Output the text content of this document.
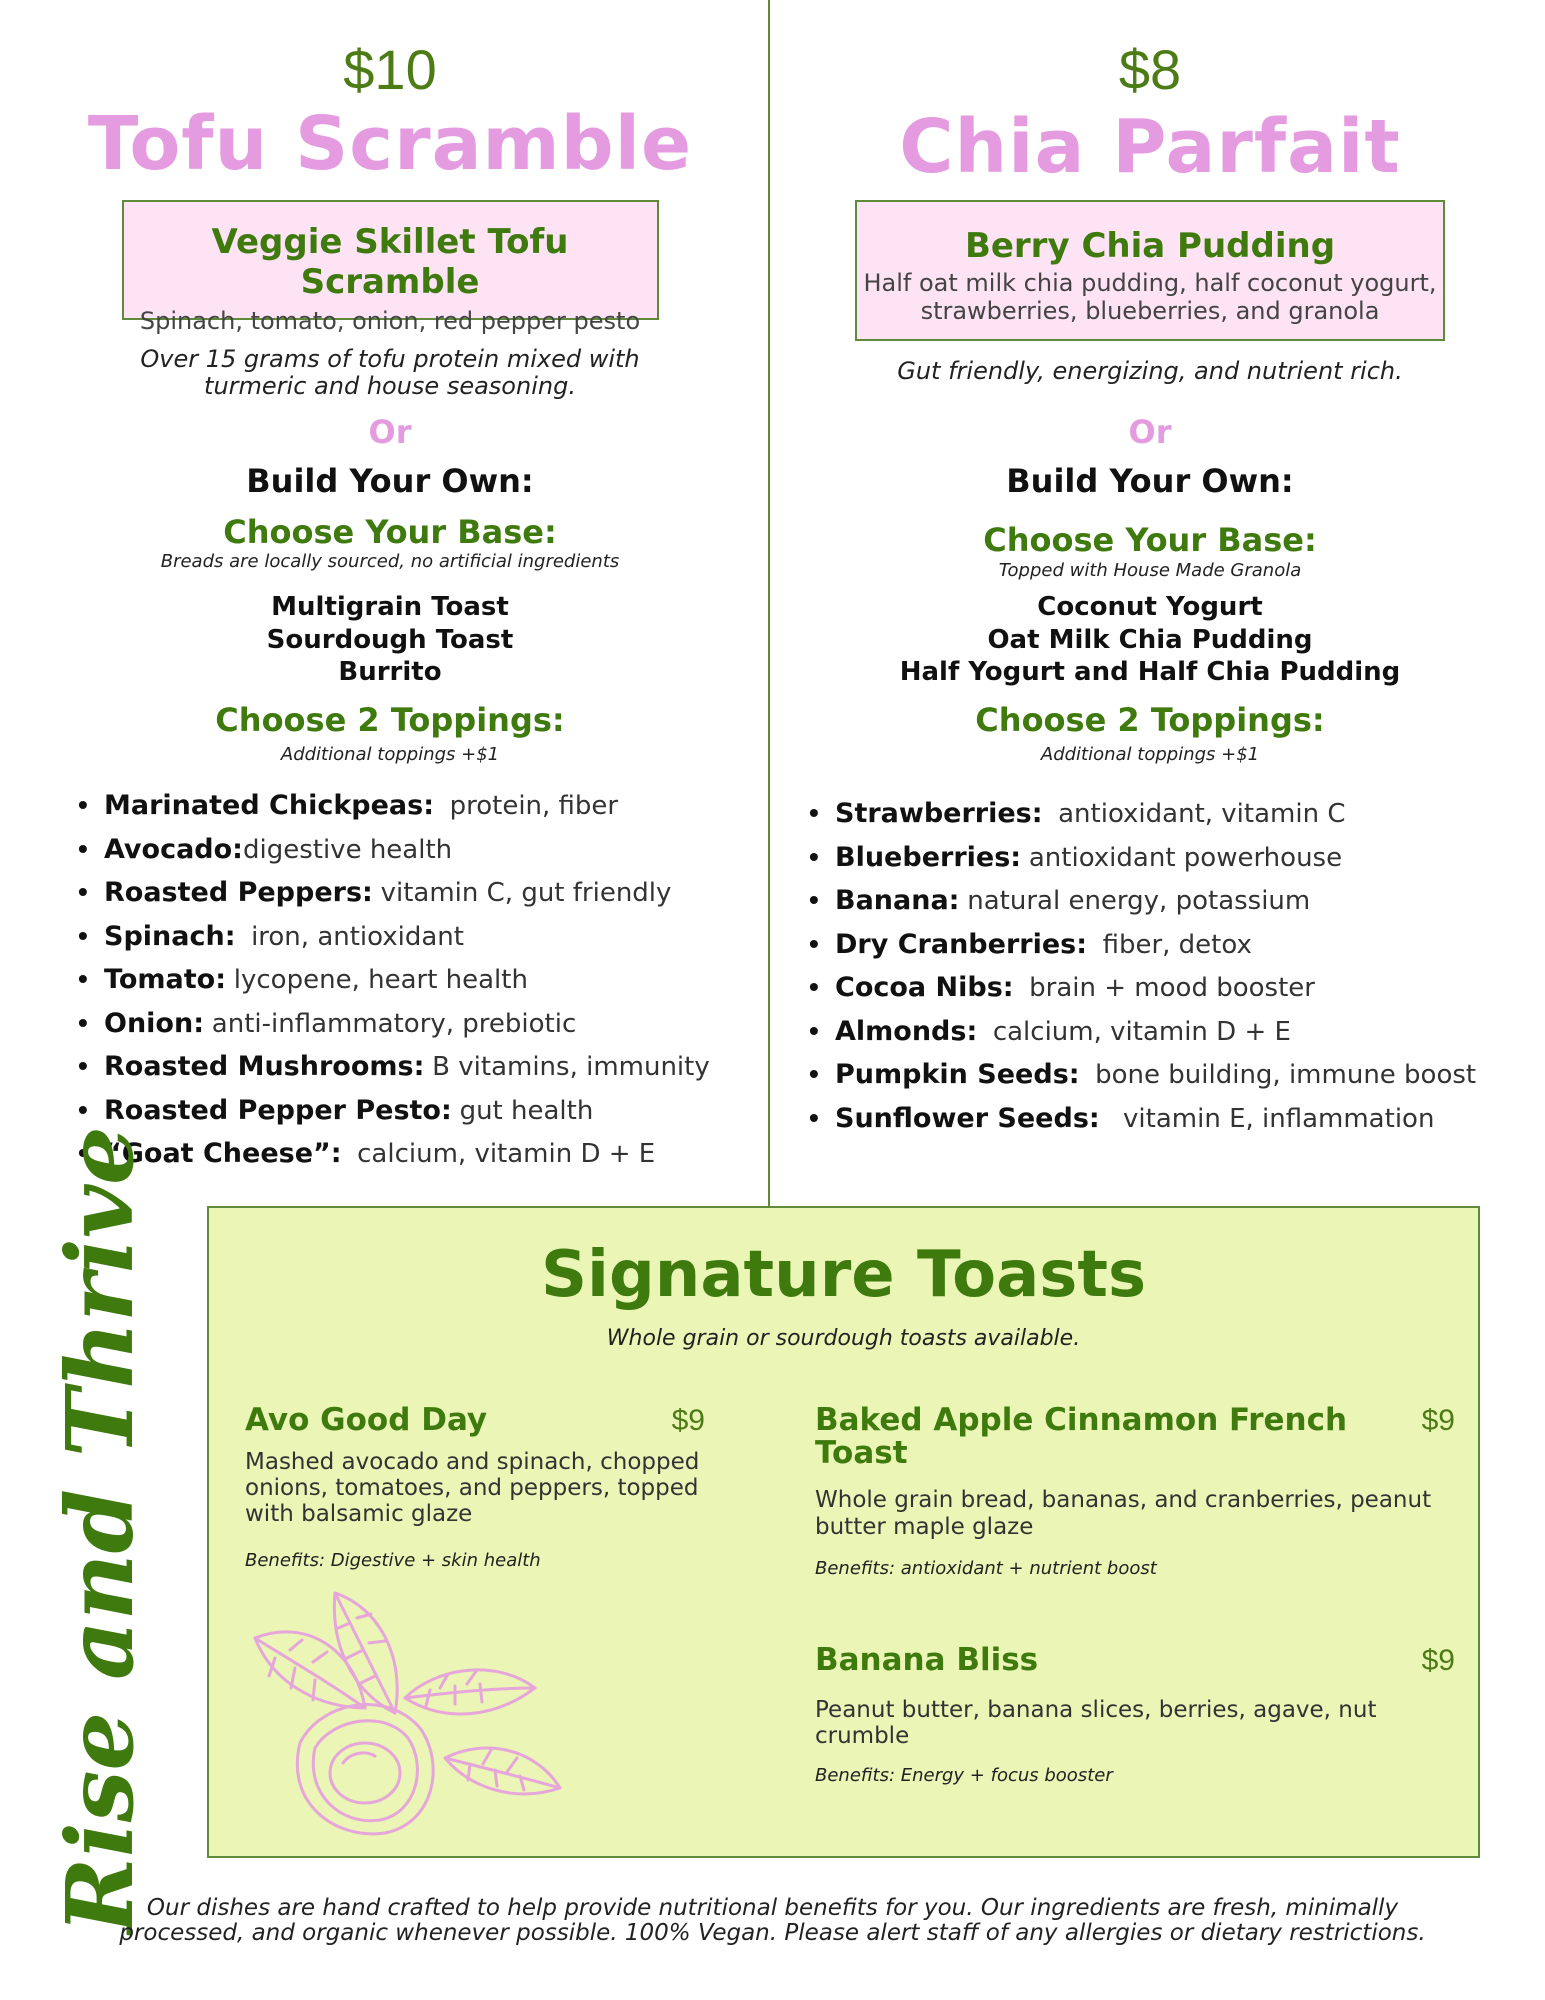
$10
Tofu Scramble
Veggie Skillet Tofu Scramble
Spinach, tomato, onion, red pepper pesto
Over 15 grams of tofu protein mixed with
turmeric and house seasoning.
Or
Build Your Own:
Choose Your Base:
Breads are locally sourced, no artificial ingredients
Multigrain Toast
Sourdough Toast
Burrito
Choose 2 Toppings:
Additional toppings +$1
• Marinated Chickpeas: protein, fiber
• Avocado:digestive health
• Roasted Peppers: vitamin C, gut friendly
• Spinach: iron, antioxidant
• Tomato: lycopene, heart health
• Onion: anti-inflammatory, prebiotic
• Roasted Mushrooms: B vitamins, immunity
• Roasted Pepper Pesto: gut health
• “Goat Cheese”: calcium, vitamin D + E
$8
Chia Parfait
Berry Chia Pudding
Half oat milk chia pudding, half coconut yogurt,
strawberries, blueberries, and granola
Gut friendly, energizing, and nutrient rich.
Or
Build Your Own:
Choose Your Base:
Topped with House Made Granola
Coconut Yogurt
Oat Milk Chia Pudding
Half Yogurt and Half Chia Pudding
Choose 2 Toppings:
Additional toppings +$1
• Strawberries: antioxidant, vitamin C
• Blueberries: antioxidant powerhouse
• Banana: natural energy, potassium
• Dry Cranberries: fiber, detox
• Cocoa Nibs: brain + mood booster
• Almonds: calcium, vitamin D + E
• Pumpkin Seeds: bone building, immune boost
• Sunflower Seeds: vitamin E, inflammation
Rise and Thrive	Signature Toasts
Whole grain or sourdough toasts available.
Avo Good Day	$9
Mashed avocado and spinach, chopped
onions, tomatoes, and peppers, topped
with balsamic glaze
Benefits: Digestive + skin health
Baked Apple Cinnamon French
Toast
$9
Whole grain bread, bananas, and cranberries, peanut
butter maple glaze
Benefits: antioxidant + nutrient boost
Banana Bliss	$9
Peanut butter, banana slices, berries, agave, nut
crumble
Benefits: Energy + focus booster
Our dishes are hand crafted to help provide nutritional benefits for you. Our ingredients are fresh, minimally
processed, and organic whenever possible. 100% Vegan. Please alert staff of any allergies or dietary restrictions.
